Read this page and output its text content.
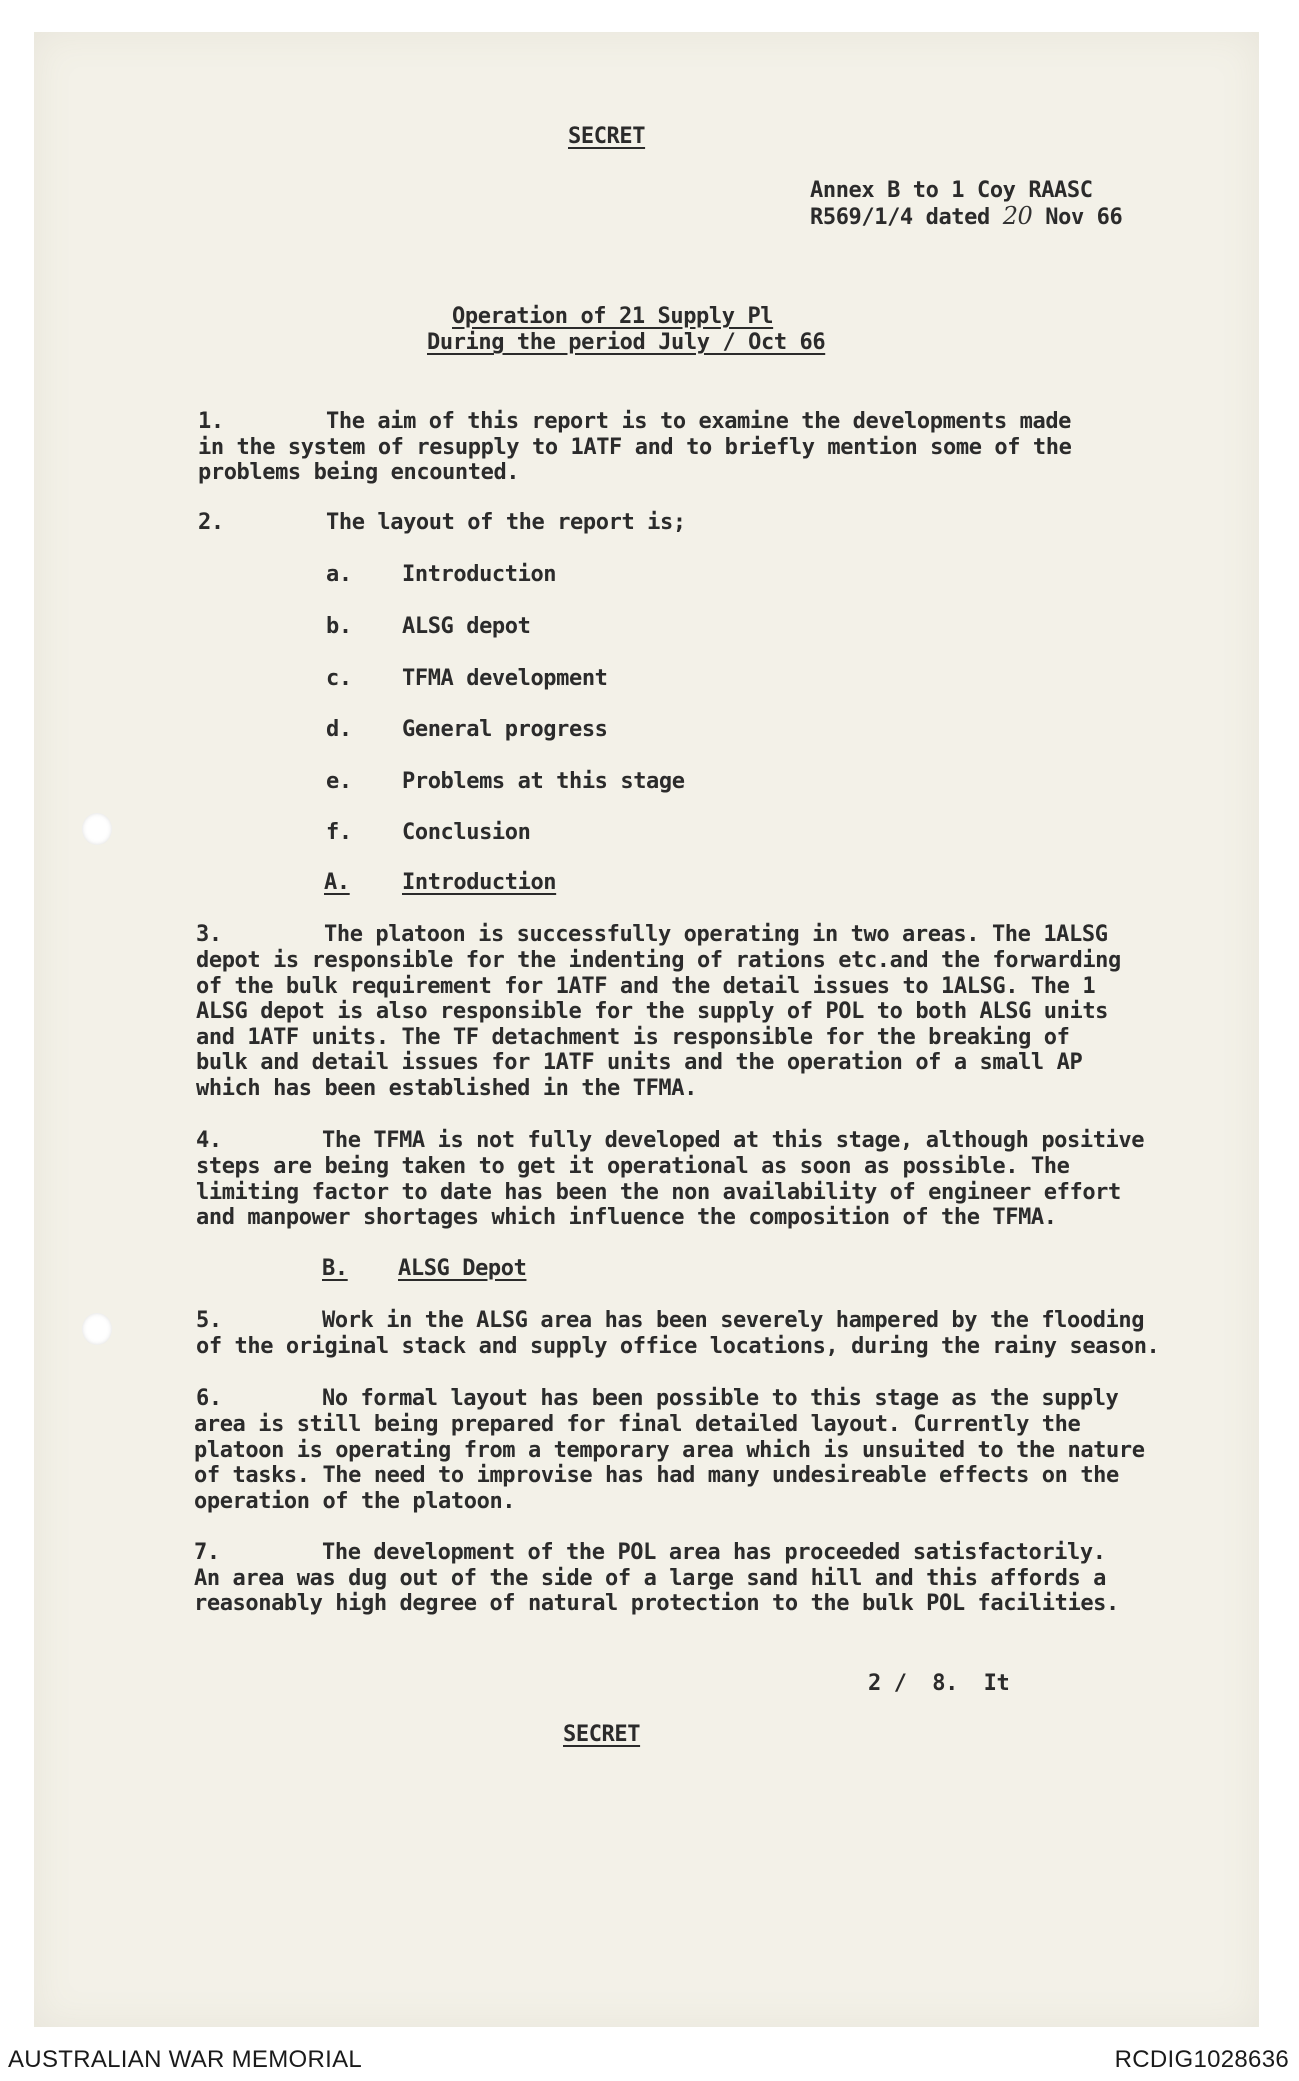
SECRET
Annex B to 1 Coy RAASC
R569/1/4 dated 20 Nov 66
Operation of 21 Supply Pl
During the period July / Oct 66
1.	The aim of this report is to examine the developments made
in the system of resupply to 1ATF and to briefly mention some of the
problems being encounted.
2.	The layout of the report is;
a. Introduction
b. ALSG depot
c. TFMA development
d. General progress
e. Problems at this stage
f. Conclusion
A. Introduction
3.	The platoon is successfully operating in two areas. The 1ALSG
depot is responsible for the indenting of rations etc.and the forwarding
of the bulk requirement for 1ATF and the detail issues to 1ALSG. The 1
ALSG depot is also responsible for the supply of POL to both ALSG units
and 1ATF units. The TF detachment is responsible for the breaking of
bulk and detail issues for 1ATF units and the operation of a small AP
which has been established in the TFMA.
4.	The TFMA is not fully developed at this stage, although positive
steps are being taken to get it operational as soon as possible. The
limiting factor to date has been the non availability of engineer effort
and manpower shortages which influence the composition of the TFMA.
B. ALSG Depot
5.	Work in the ALSG area has been severely hampered by the flooding
of the original stack and supply office locations, during the rainy season.
6.	No formal layout has been possible to this stage as the supply
area is still being prepared for final detailed layout. Currently the
platoon is operating from a temporary area which is unsuited to the nature
of tasks. The need to improvise has had many undesireable effects on the
operation of the platoon.
7.	The development of the POL area has proceeded satisfactorily.
An area was dug out of the side of a large sand hill and this affords a
reasonably high degree of natural protection to the bulk POL facilities.
2 /  8.  It
SECRET
AUSTRALIAN WAR MEMORIAL	RCDIG1028636
